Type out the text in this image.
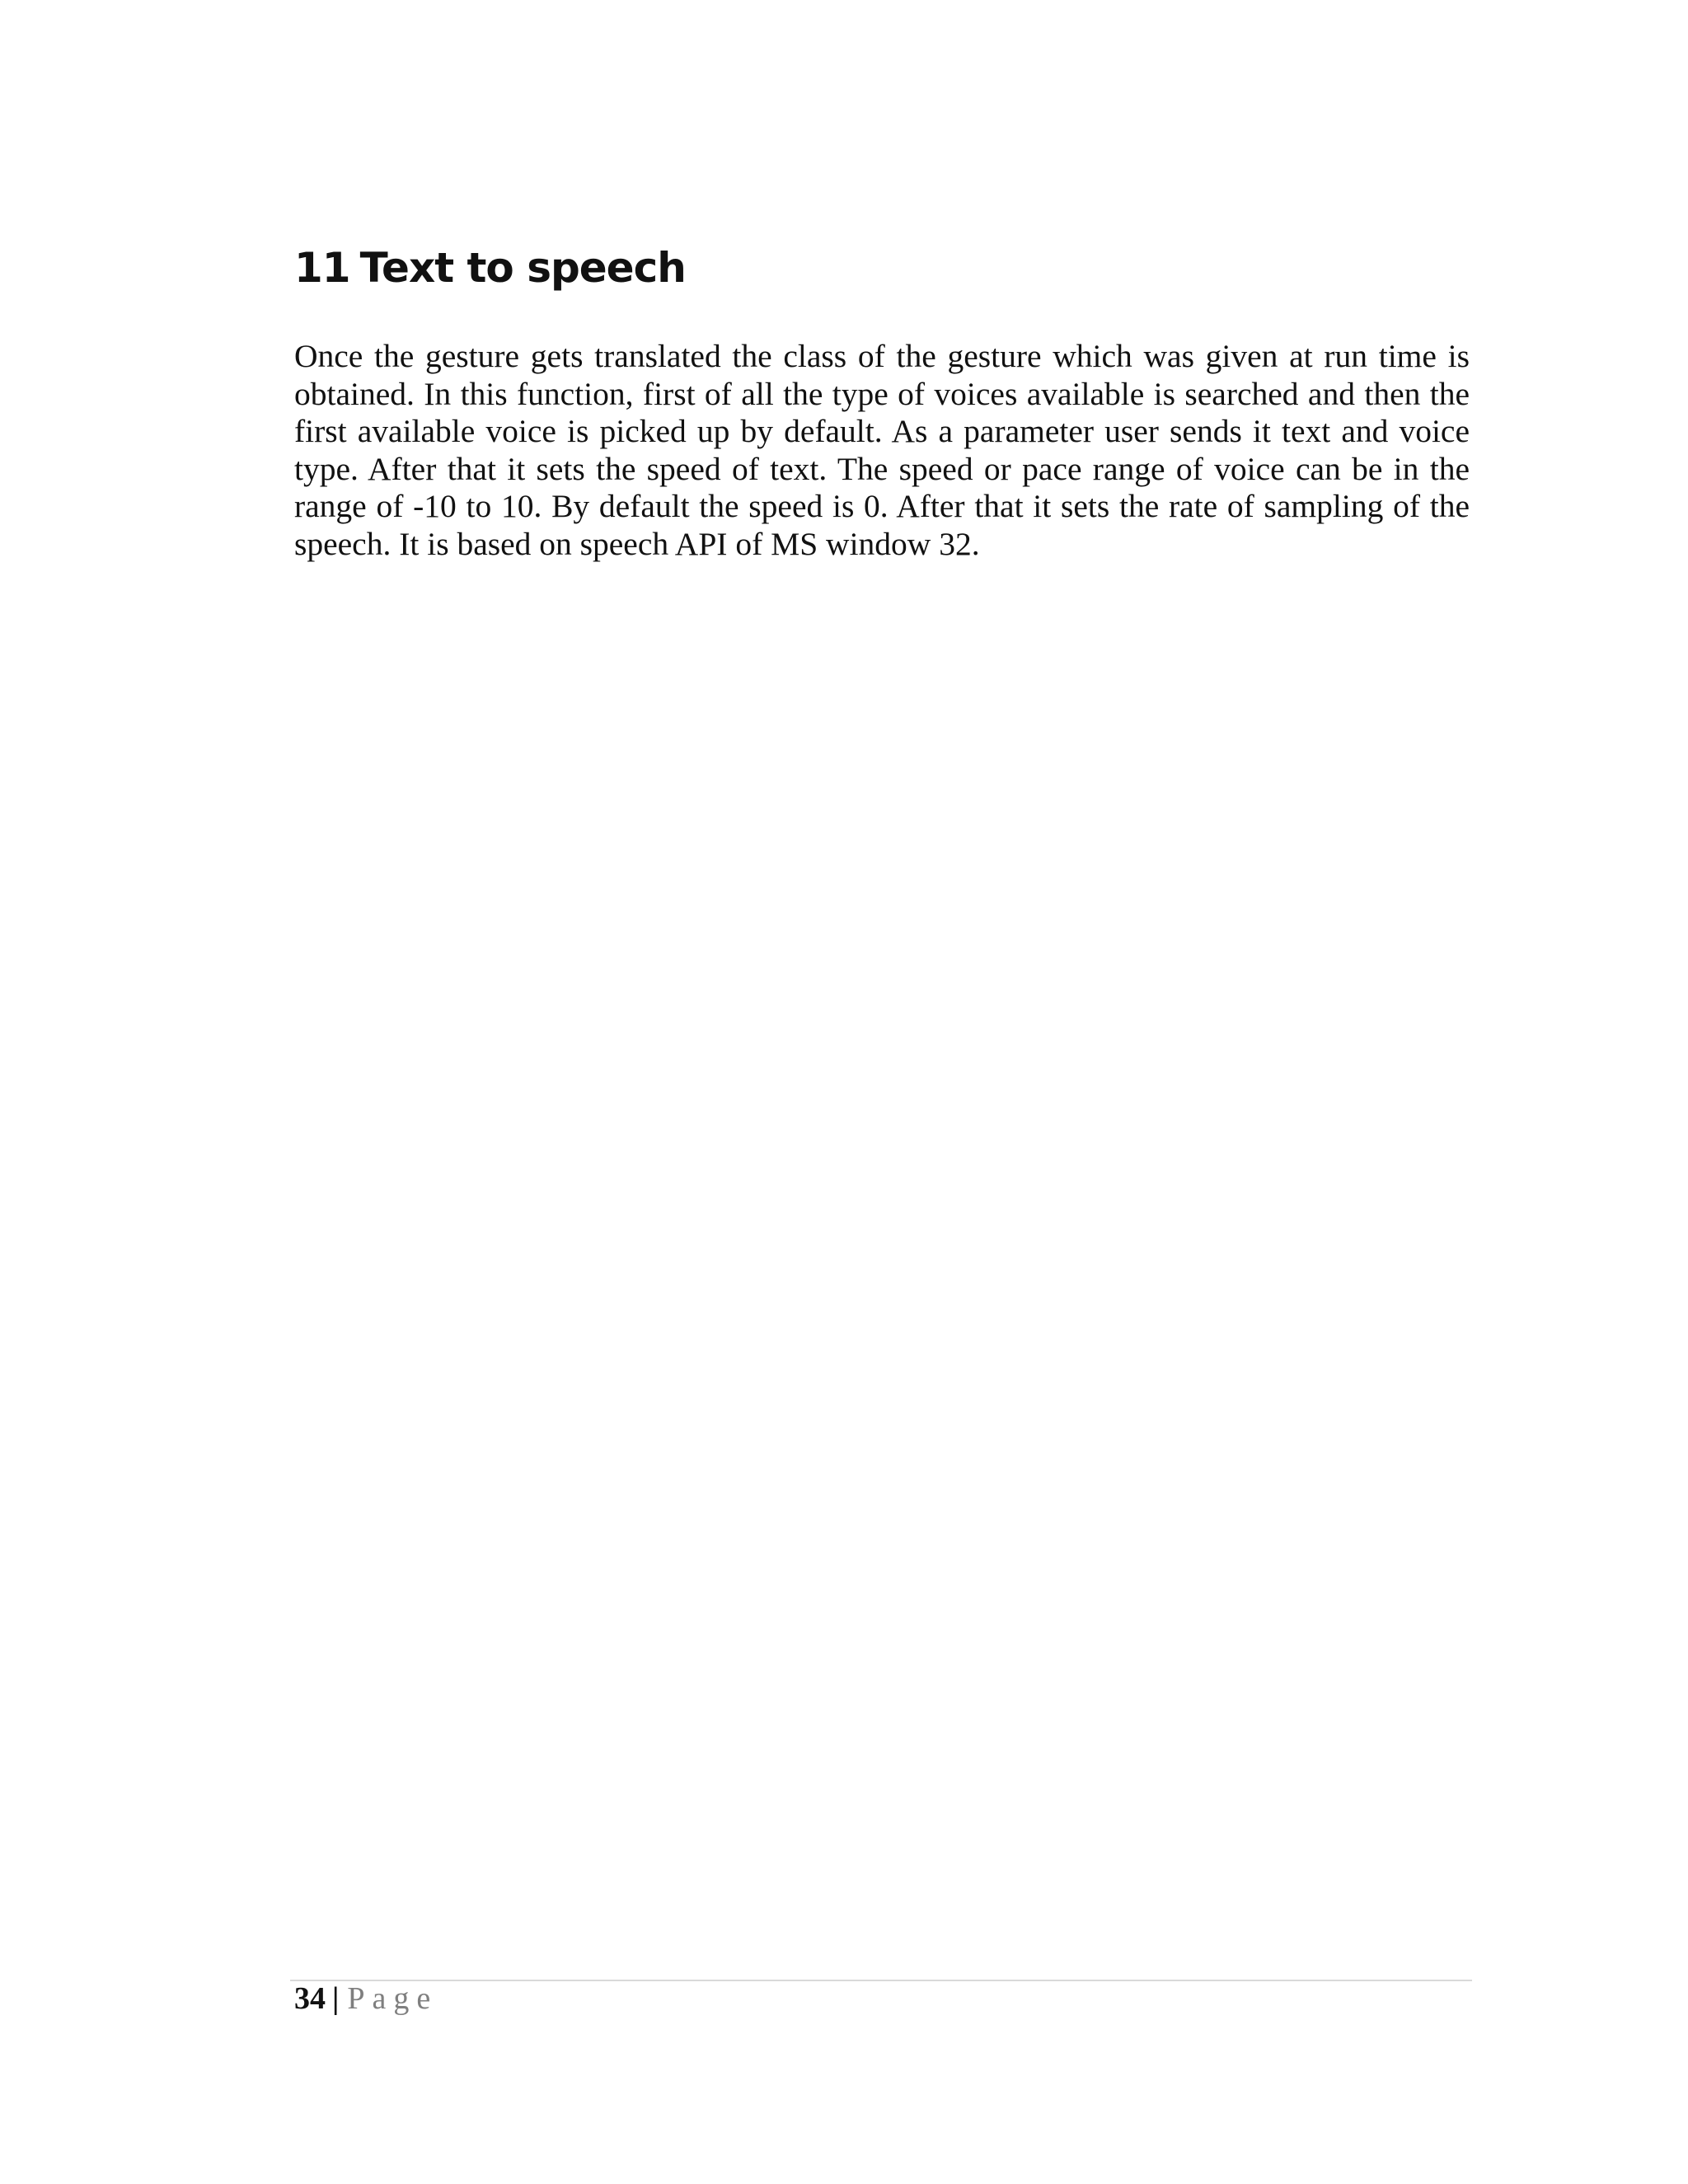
11 Text to speech

Once the gesture gets translated the class of the gesture which was given at run time is obtained. In this function, first of all the type of voices available is searched and then the first available voice is picked up by default. As a parameter user sends it text and voice type. After that it sets the speed of text. The speed or pace range of voice can be in the range of -10 to 10. By default the speed is 0. After that it sets the rate of sampling of the speech. It is based on speech API of MS window 32.

34 | Page
